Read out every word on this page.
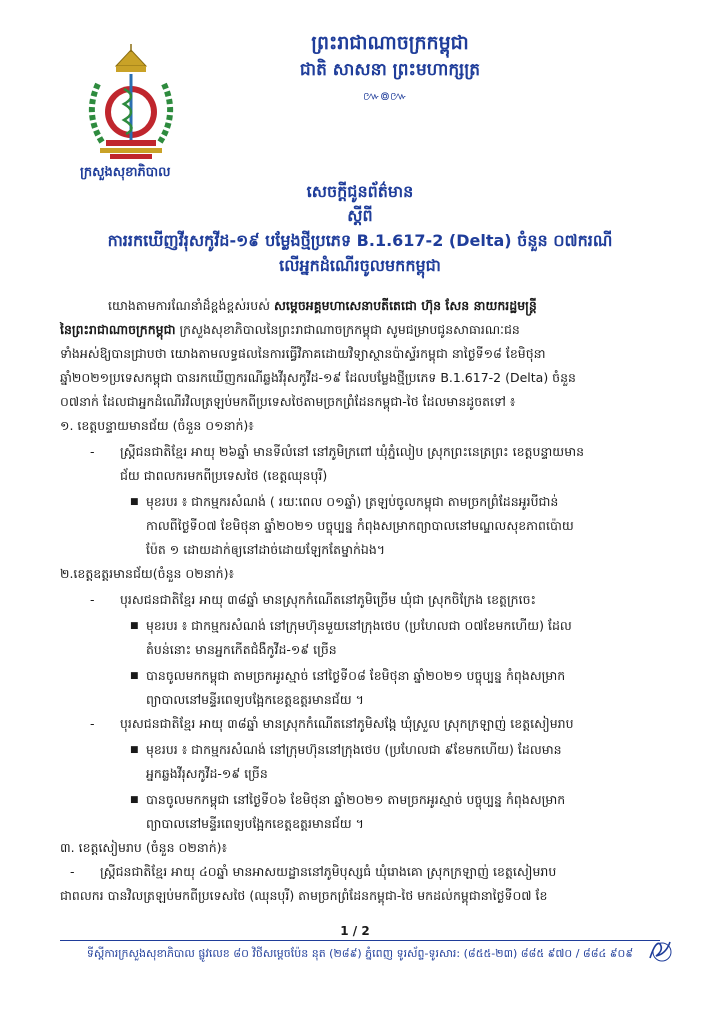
ក្រសួងសុខាភិបាល
ព្រះរាជាណាចក្រកម្ពុជា
ជាតិ សាសនា ព្រះមហាក្សត្រ
៚៙៚
សេចក្ដីជូនព័ត៌មាន
ស្ដីពី
ការរកឃើញវីរុសកូវីដ-១៩ បម្លែងថ្មីប្រភេទ B.1.617-2 (Delta) ចំនួន ០៧ករណី
លើអ្នកដំណើរចូលមកកម្ពុជា
យោងតាមការណែនាំដ៏ខ្ពង់ខ្ពស់របស់ សម្ដេចអគ្គមហាសេនាបតីតេជោ ហ៊ុន សែន នាយករដ្ឋមន្ត្រី
នៃព្រះរាជាណាចក្រកម្ពុជា ក្រសួងសុខាភិបាលនៃព្រះរាជាណាចក្រកម្ពុជា សូមជម្រាបជូនសាធារណៈជន
ទាំងអស់ឱ្យបានជ្រាបថា យោងតាមលទ្ធផលនៃការធ្វើវិភាគដោយវិទ្យាស្ថានប៉ាស្ទ័រកម្ពុជា នាថ្ងៃទី១៨ ខែមិថុនា
ឆ្នាំ២០២១ប្រទេសកម្ពុជា បានរកឃើញករណីឆ្លងវីរុសកូវីដ-១៩ ដែលបម្លែងថ្មីប្រភេទ B.1.617-2 (Delta) ចំនួន
០៧នាក់ ដែលជាអ្នកដំណើរវិលត្រឡប់មកពីប្រទេសថៃតាមច្រកព្រំដែនកម្ពុជា-ថៃ ដែលមានដូចតទៅ ៖
១. ខេត្តបន្ទាយមានជ័យ (ចំនួន ០១នាក់)៖
- ស្ត្រីជនជាតិខ្មែរ អាយុ ២៦ឆ្នាំ មានទីលំនៅ នៅភូមិក្រពៅ ឃុំភ្នំលៀប ស្រុកព្រះនេត្រព្រះ ខេត្តបន្ទាយមាន
ជ័យ ជាពលករមកពីប្រទេសថៃ (ខេត្តឈុនបុរី)
■ មុខរបរ ៖ ជាកម្មករសំណង់ ( រយៈពេល ០១ឆ្នាំ) ត្រឡប់ចូលកម្ពុជា តាមច្រកព្រំដែនអូរបីជាន់
កាលពីថ្ងៃទី០៧ ខែមិថុនា ឆ្នាំ២០២១ បច្ចុប្បន្ន កំពុងសម្រាកព្យាបាលនៅមណ្ឌលសុខភាពប៉ោយ
ប៉ែត ១ ដោយដាក់ឲ្យនៅដាច់ដោយឡែកតែម្នាក់ឯង។
២.ខេត្តឧត្ដរមានជ័យ(ចំនួន ០២នាក់)៖
- បុរសជនជាតិខ្មែរ អាយុ ៣៨ឆ្នាំ មានស្រុកកំណើតនៅភូមិច្រើម ឃុំជា ស្រុកចិក្រែង ខេត្តក្រចេះ
■ មុខរបរ ៖ ជាកម្មករសំណង់ នៅក្រុមហ៊ុនមួយនៅក្រុងថេប (ប្រហែលជា ០៧ខែមកហើយ) ដែល
តំបន់នោះ មានអ្នកកើតជំងឺកូវីដ-១៩ ច្រើន
■ បានចូលមកកម្ពុជា តាមច្រកអូរស្មាច់ នៅថ្ងៃទី០៨ ខែមិថុនា ឆ្នាំ២០២១ បច្ចុប្បន្ន កំពុងសម្រាក
ព្យាបាលនៅមន្ទីរពេទ្យបង្អែកខេត្តឧត្តរមានជ័យ ។
- បុរសជនជាតិខ្មែរ អាយុ ៣៨ឆ្នាំ មានស្រុកកំណើតនៅភូមិសង្កែ ឃុំស្រួល ស្រុកក្រឡាញ់ ខេត្តសៀមរាប
■ មុខរបរ ៖ ជាកម្មករសំណង់ នៅក្រុមហ៊ុននៅក្រុងថេប (ប្រហែលជា ៩ខែមកហើយ) ដែលមាន
អ្នកឆ្លងវីរុសកូវីដ-១៩ ច្រើន
■ បានចូលមកកម្ពុជា នៅថ្ងៃទី០៦ ខែមិថុនា ឆ្នាំ២០២១ តាមច្រកអូរស្មាច់ បច្ចុប្បន្ន កំពុងសម្រាក
ព្យាបាលនៅមន្ទីរពេទ្យបង្អែកខេត្តឧត្តរមានជ័យ ។
៣. ខេត្តសៀមរាប (ចំនួន ០២នាក់)៖
- ស្ត្រីជនជាតិខ្មែរ អាយុ ៤០ឆ្នាំ មានអាសយដ្ឋាននៅភូមិបុស្សធំ ឃុំរោងគោ ស្រុកក្រឡាញ់ ខេត្តសៀមរាប
ជាពលករ បានវិលត្រឡប់មកពីប្រទេសថៃ (ឈុនបុរី) តាមច្រកព្រំដែនកម្ពុជា-ថៃ មកដល់កម្ពុជានាថ្ងៃទី០៧ ខែ
1 / 2
ទីស្តីការក្រសួងសុខាភិបាល ផ្លូវលេខ ៨០ វិថីសម្តេចប៉ែន នុត (២៨៩) ភ្នំពេញ ទូរស័ព្ទ-ទូរសារ: (៨៥៥-២៣) ៨៨៥ ៩៧០ / ៨៨៤ ៩០៩
